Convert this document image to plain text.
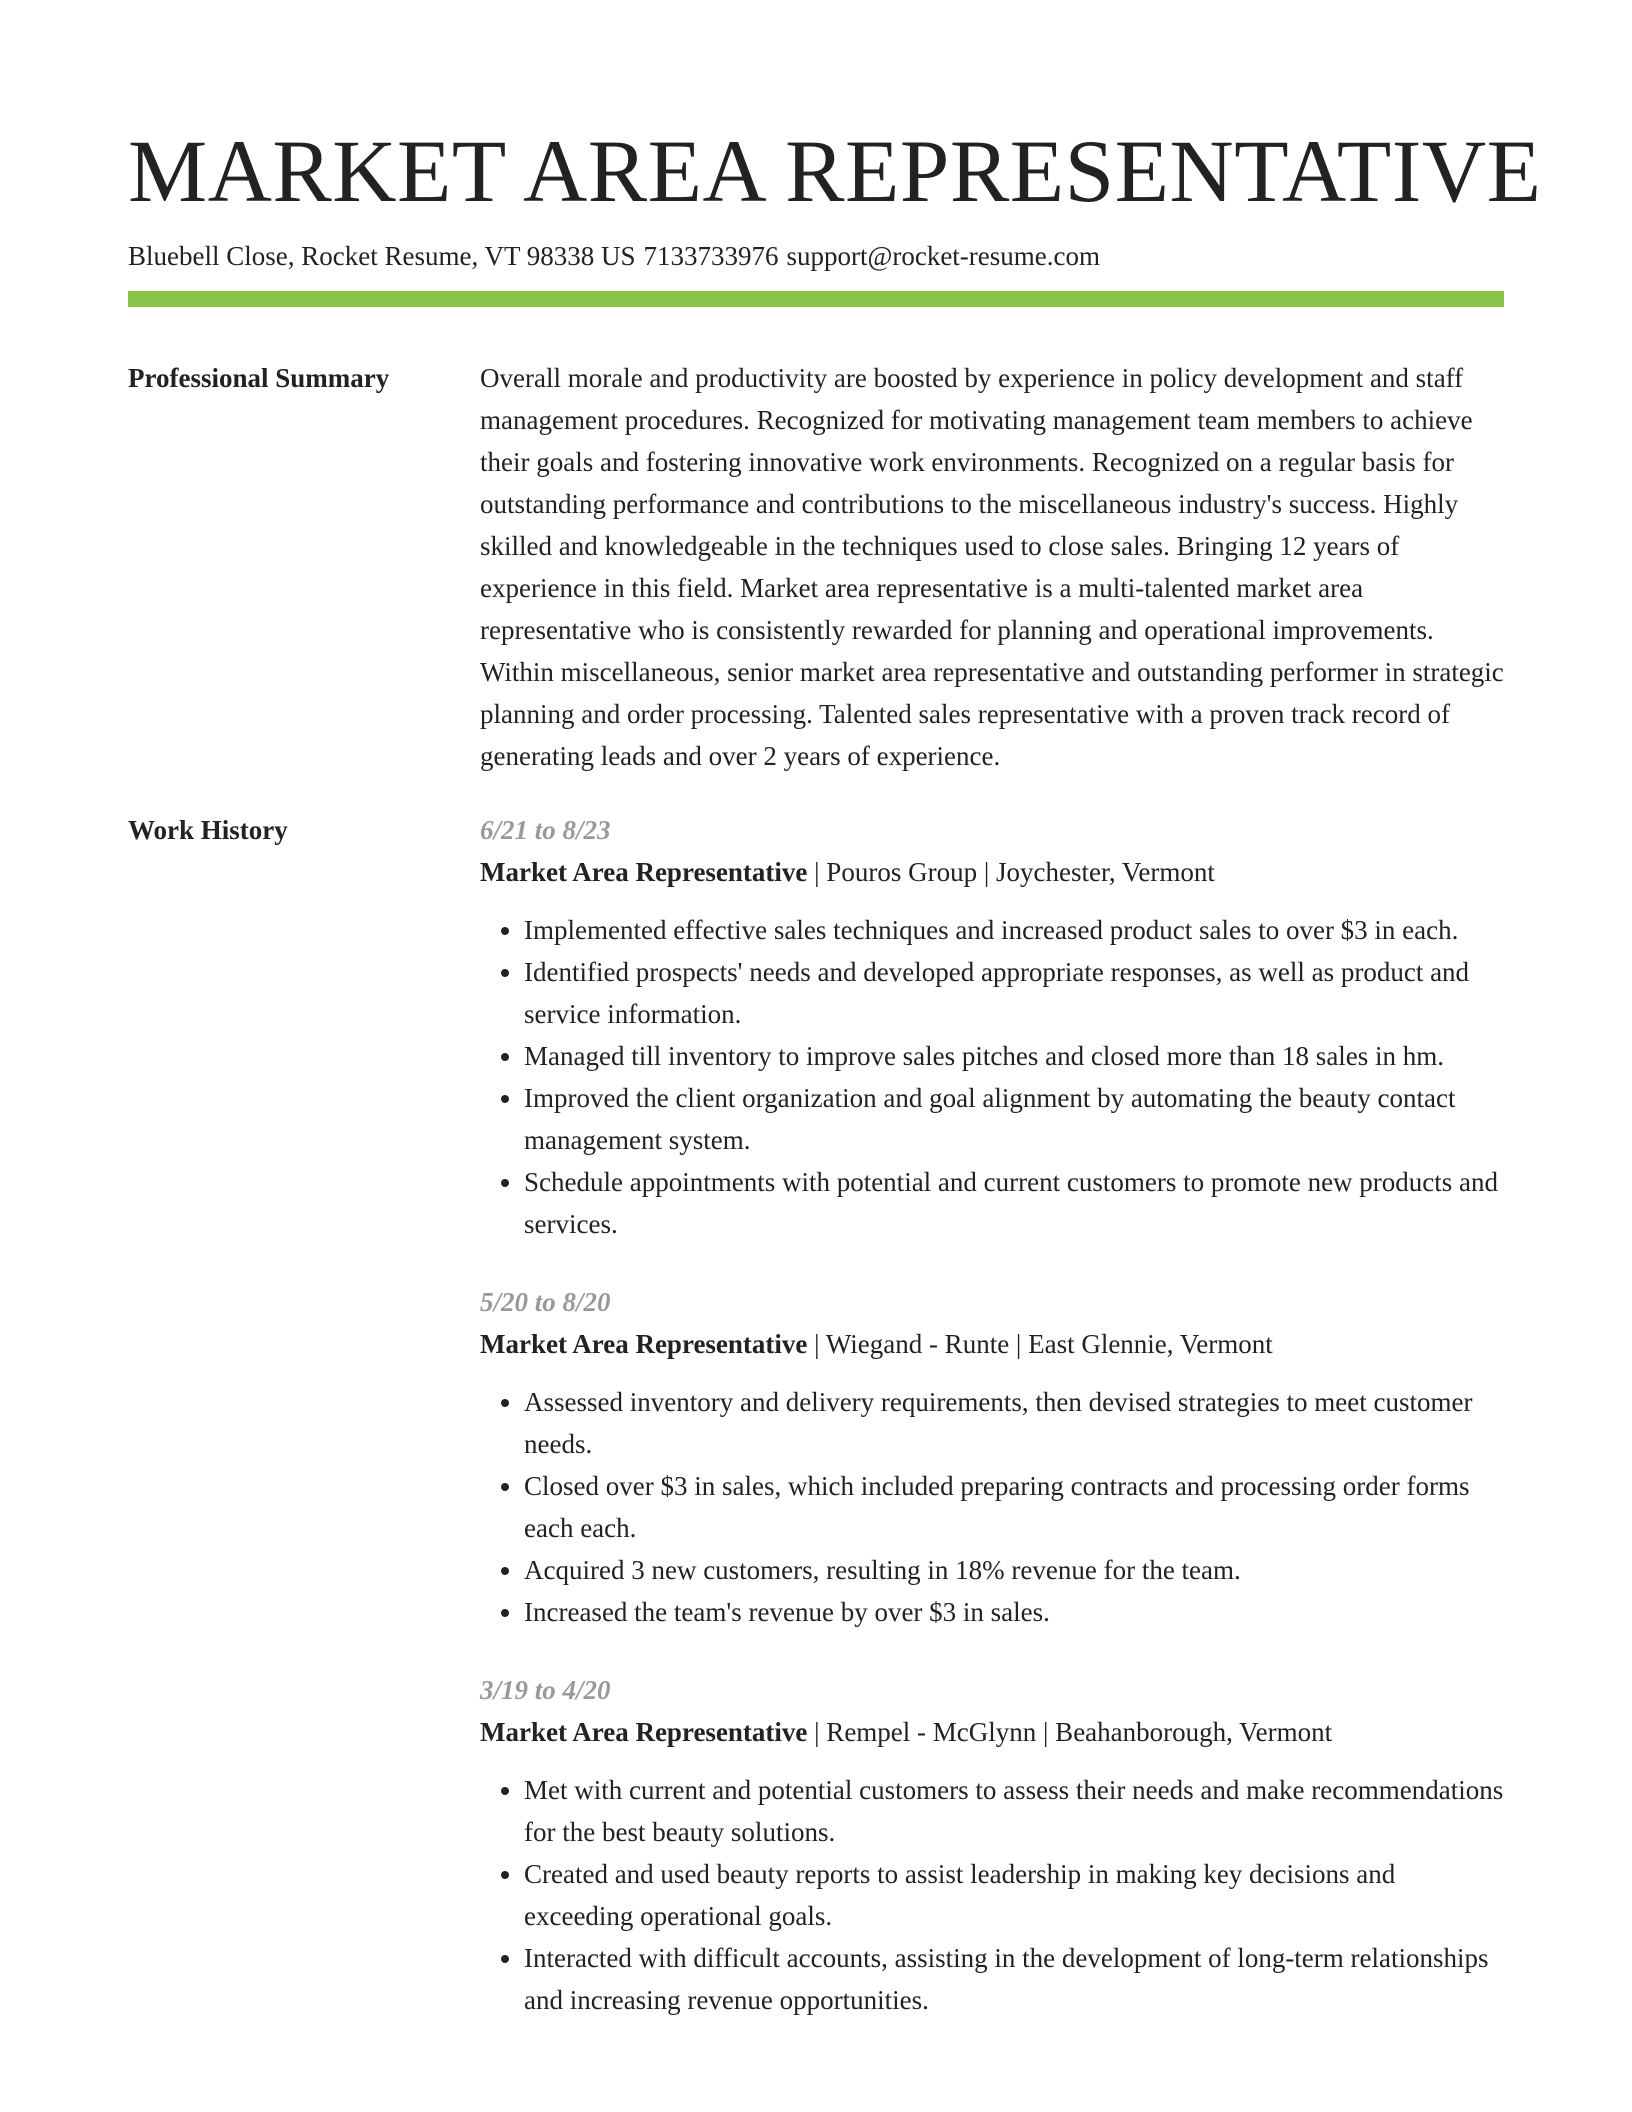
MARKET AREA REPRESENTATIVE
Bluebell Close, Rocket Resume, VT 98338 US 7133733976 support@rocket-resume.com
Professional Summary	Overall morale and productivity are boosted by experience in policy development and staff management procedures. Recognized for motivating management team members to achieve their goals and fostering innovative work environments. Recognized on a regular basis for outstanding performance and contributions to the miscellaneous industry's success. Highly skilled and knowledgeable in the techniques used to close sales. Bringing 12 years of experience in this field. Market area representative is a multi-talented market area representative who is consistently rewarded for planning and operational improvements. Within miscellaneous, senior market area representative and outstanding performer in strategic planning and order processing. Talented sales representative with a proven track record of generating leads and over 2 years of experience.

Work History	6/21 to 8/23
Market Area Representative | Pouros Group | Joychester, Vermont
• Implemented effective sales techniques and increased product sales to over $3 in each.
• Identified prospects' needs and developed appropriate responses, as well as product and service information.
• Managed till inventory to improve sales pitches and closed more than 18 sales in hm.
• Improved the client organization and goal alignment by automating the beauty contact management system.
• Schedule appointments with potential and current customers to promote new products and services.
5/20 to 8/20
Market Area Representative | Wiegand - Runte | East Glennie, Vermont
• Assessed inventory and delivery requirements, then devised strategies to meet customer needs.
• Closed over $3 in sales, which included preparing contracts and processing order forms each each.
• Acquired 3 new customers, resulting in 18% revenue for the team.
• Increased the team's revenue by over $3 in sales.
3/19 to 4/20
Market Area Representative | Rempel - McGlynn | Beahanborough, Vermont
• Met with current and potential customers to assess their needs and make recommendations for the best beauty solutions.
• Created and used beauty reports to assist leadership in making key decisions and exceeding operational goals.
• Interacted with difficult accounts, assisting in the development of long-term relationships and increasing revenue opportunities.
